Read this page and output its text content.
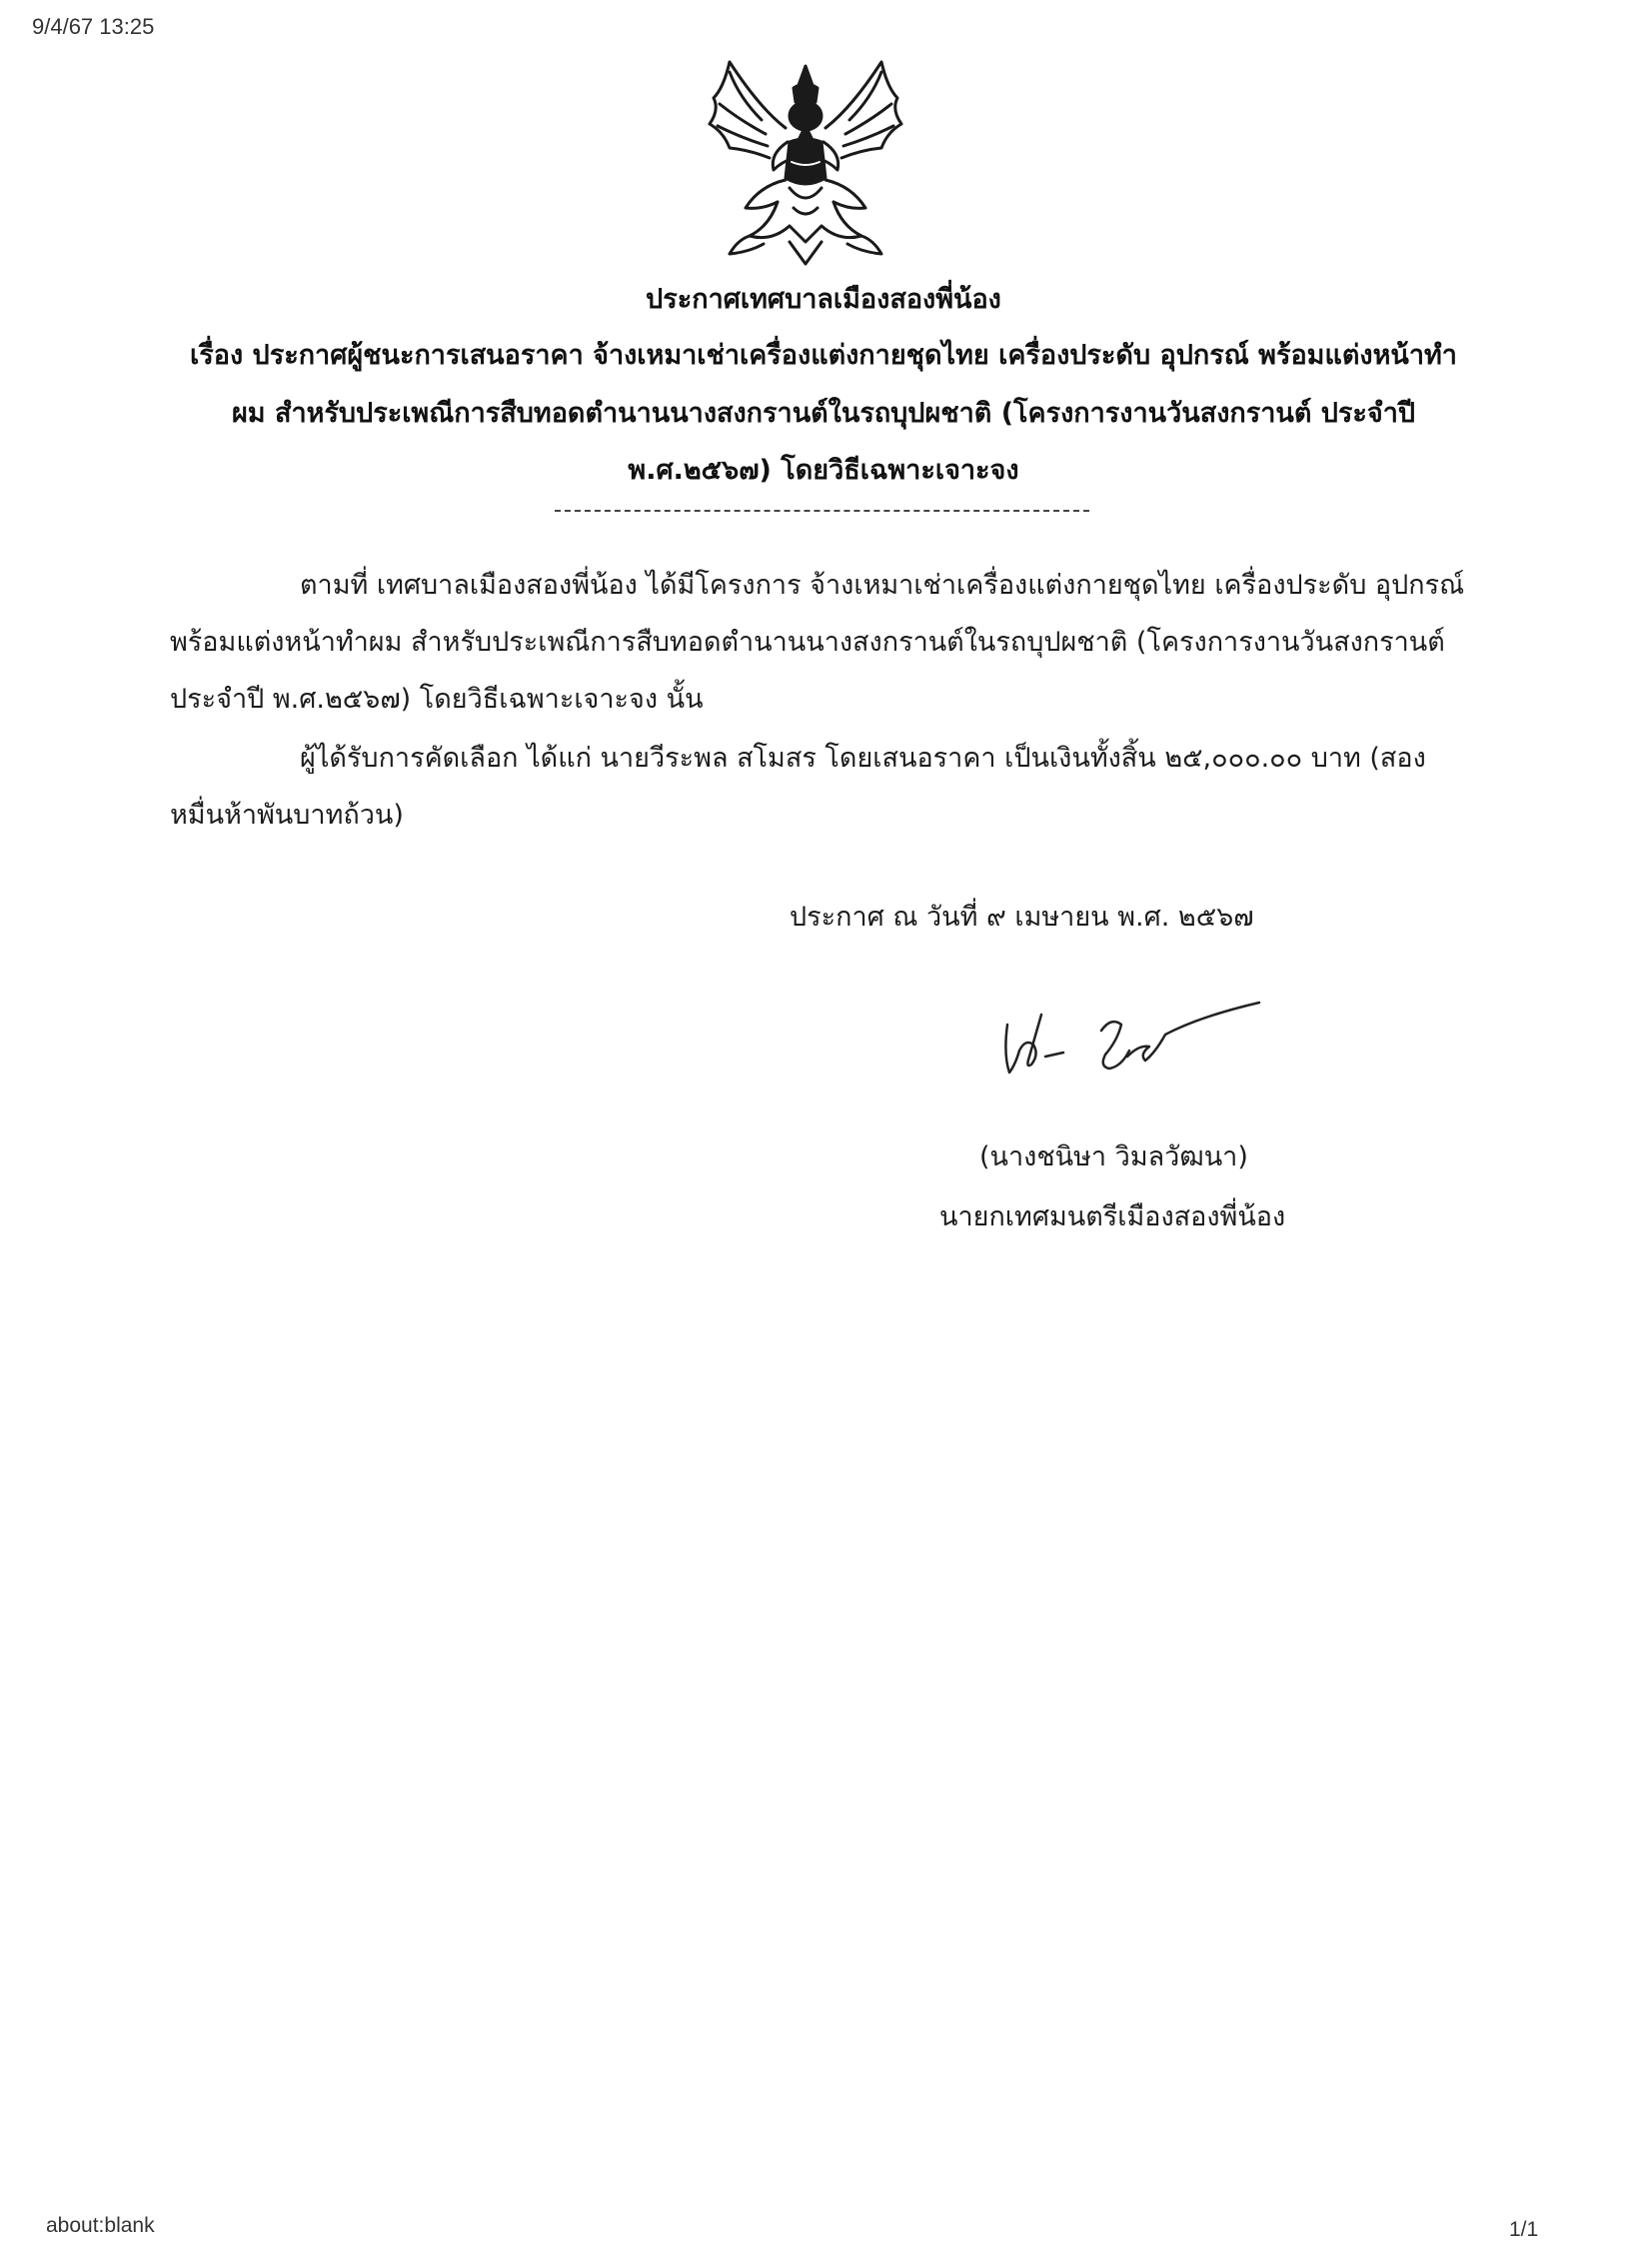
9/4/67 13:25
ประกาศเทศบาลเมืองสองพี่น้อง
เรื่อง ประกาศผู้ชนะการเสนอราคา จ้างเหมาเช่าเครื่องแต่งกายชุดไทย เครื่องประดับ อุปกรณ์ พร้อมแต่งหน้าทำ
ผม สำหรับประเพณีการสืบทอดตำนานนางสงกรานต์ในรถบุปผชาติ (โครงการงานวันสงกรานต์ ประจำปี
พ.ศ.๒๕๖๗) โดยวิธีเฉพาะเจาะจง
ตามที่ เทศบาลเมืองสองพี่น้อง ได้มีโครงการ จ้างเหมาเช่าเครื่องแต่งกายชุดไทย เครื่องประดับ อุปกรณ์
พร้อมแต่งหน้าทำผม สำหรับประเพณีการสืบทอดตำนานนางสงกรานต์ในรถบุปผชาติ (โครงการงานวันสงกรานต์
ประจำปี พ.ศ.๒๕๖๗) โดยวิธีเฉพาะเจาะจง นั้น
ผู้ได้รับการคัดเลือก ได้แก่ นายวีระพล สโมสร โดยเสนอราคา เป็นเงินทั้งสิ้น ๒๕,๐๐๐.๐๐ บาท (สอง
หมื่นห้าพันบาทถ้วน)
ประกาศ ณ วันที่ ๙ เมษายน พ.ศ. ๒๕๖๗
(นางชนิษา วิมลวัฒนา)
นายกเทศมนตรีเมืองสองพี่น้อง
about:blank	1/1
